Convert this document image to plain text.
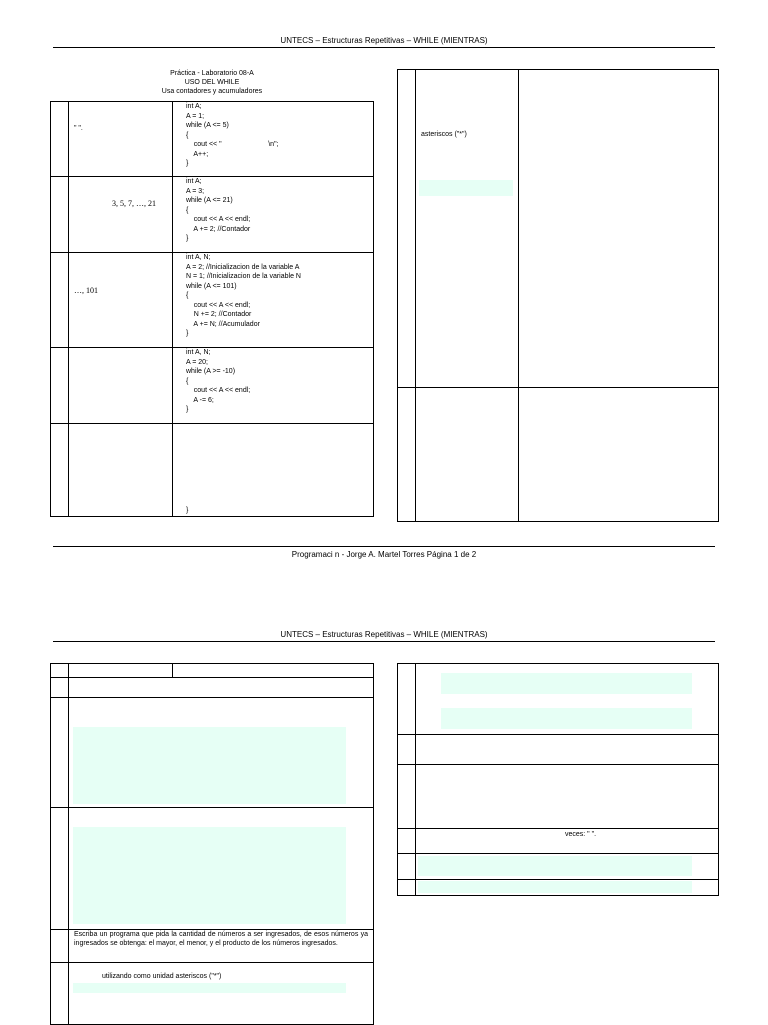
UNTECS – Estructuras Repetitivas – WHILE (MIENTRAS)
Práctica - Laboratorio 08-A
USO DEL WHILE
Usa contadores y acumuladores
" ".
int A;
A = 1;
while (A <= 5)
{
cout << "                        \n";
A++;
}
3, 5, 7, …, 21
int A;
A = 3;
while (A <= 21)
{
cout << A << endl;
A += 2; //Contador
}
…, 101
int A, N;
A = 2; //Inicializacion de la variable A
N = 1; //Inicializacion de la variable N
while (A <= 101)
{
cout << A << endl;
N += 2; //Contador
A += N; //Acumulador
}
int A, N;
A = 20;
while (A >= -10)
{
cout << A << endl;
A -= 6;
}
}
asteriscos ("*")
Programaci n - Jorge A. Martel Torres Página 1 de 2
UNTECS – Estructuras Repetitivas – WHILE (MIENTRAS)
Escriba un programa que pida la cantidad de números a ser ingresados, de esos números ya ingresados se obtenga: el mayor, el menor, y el producto de los números ingresados.
utilizando como unidad asteriscos ("*")
veces: " ".
